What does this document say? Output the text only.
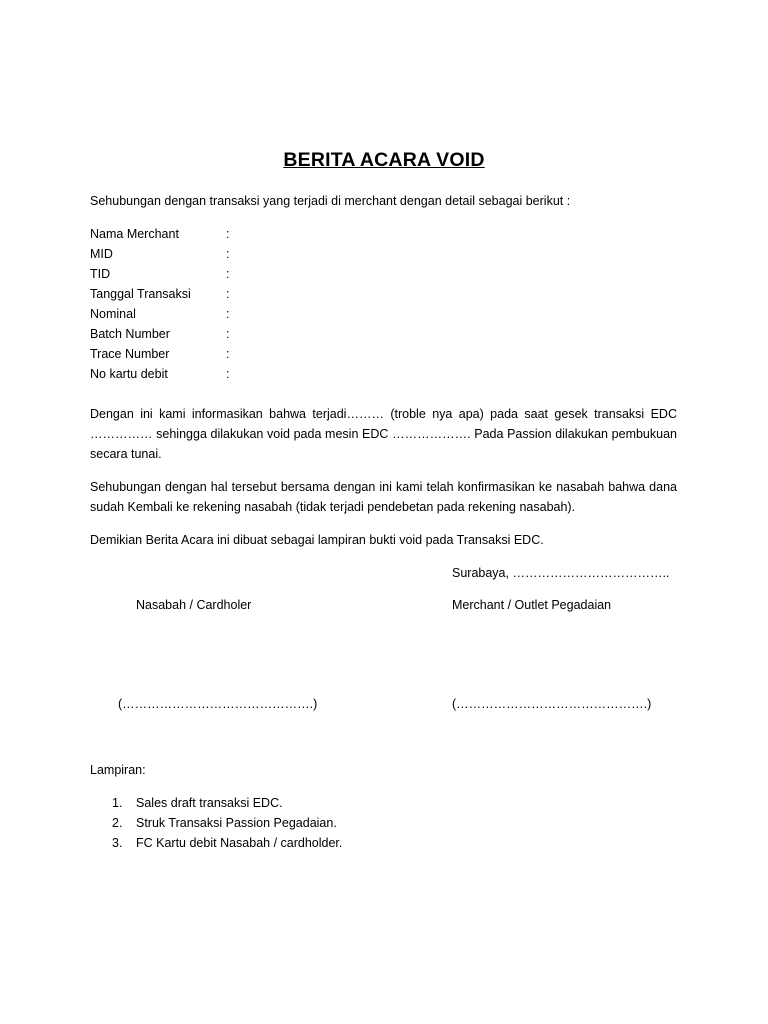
BERITA ACARA VOID
Sehubungan dengan transaksi yang terjadi di merchant dengan detail sebagai berikut :
Nama Merchant	:
MID	:
TID	:
Tanggal Transaksi	:
Nominal	:
Batch Number	:
Trace Number	:
No kartu debit	:
Dengan ini kami informasikan bahwa terjadi……… (troble nya apa) pada saat gesek transaksi EDC
…………… sehingga dilakukan void pada mesin EDC ………………. Pada Passion dilakukan pembukuan
secara tunai.
Sehubungan dengan hal tersebut bersama dengan ini kami telah konfirmasikan ke nasabah bahwa dana
sudah Kembali ke rekening nasabah (tidak terjadi pendebetan pada rekening nasabah).
Demikian Berita Acara ini dibuat sebagai lampiran bukti void pada Transaksi EDC.
Surabaya, ………………………………..
Nasabah / Cardholer	Merchant / Outlet Pegadaian
(……………………………………….)	(……………………………………….)
Lampiran:
1. Sales draft transaksi EDC.
2. Struk Transaksi Passion Pegadaian.
3. FC Kartu debit Nasabah / cardholder.
